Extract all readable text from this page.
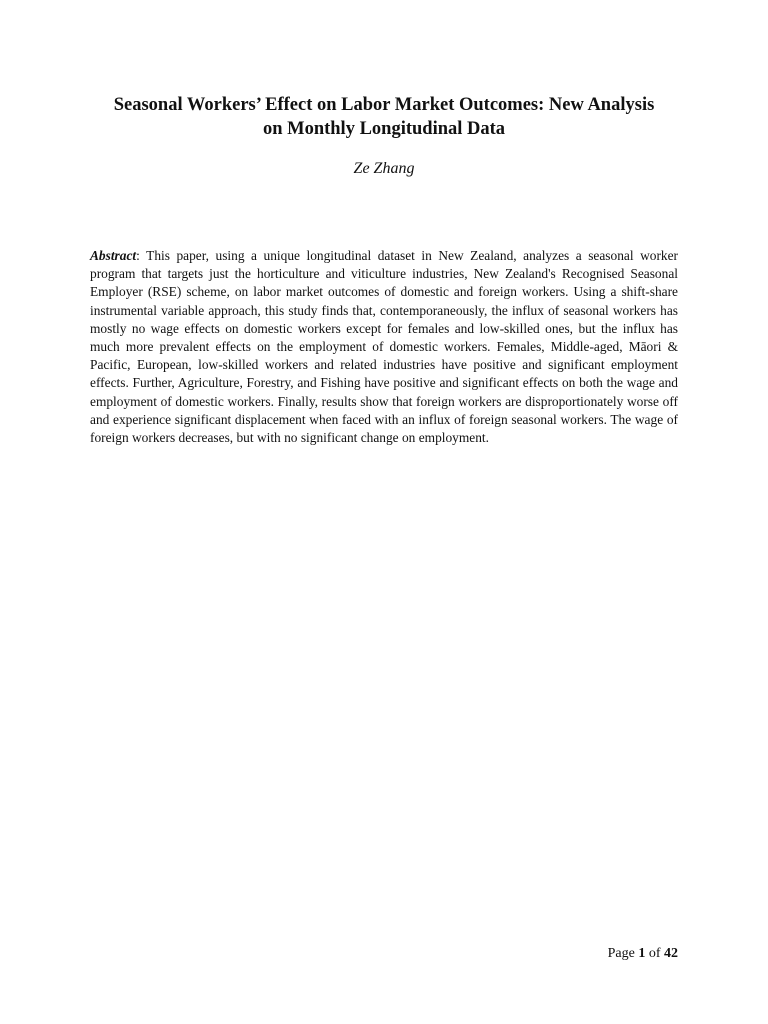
Seasonal Workers’ Effect on Labor Market Outcomes: New Analysis
on Monthly Longitudinal Data
Ze Zhang

Abstract: This paper, using a unique longitudinal dataset in New Zealand, analyzes a seasonal worker program that targets just the horticulture and viticulture industries, New Zealand's Recognised Seasonal Employer (RSE) scheme, on labor market outcomes of domestic and foreign workers. Using a shift-share instrumental variable approach, this study finds that, contemporaneously, the influx of seasonal workers has mostly no wage effects on domestic workers except for females and low-skilled ones, but the influx has much more prevalent effects on the employment of domestic workers. Females, Middle-aged, Māori & Pacific, European, low-skilled workers and related industries have positive and significant employment effects. Further, Agriculture, Forestry, and Fishing have positive and significant effects on both the wage and employment of domestic workers. Finally, results show that foreign workers are disproportionately worse off and experience significant displacement when faced with an influx of foreign seasonal workers. The wage of foreign workers decreases, but with no significant change on employment.

Page 1 of 42
